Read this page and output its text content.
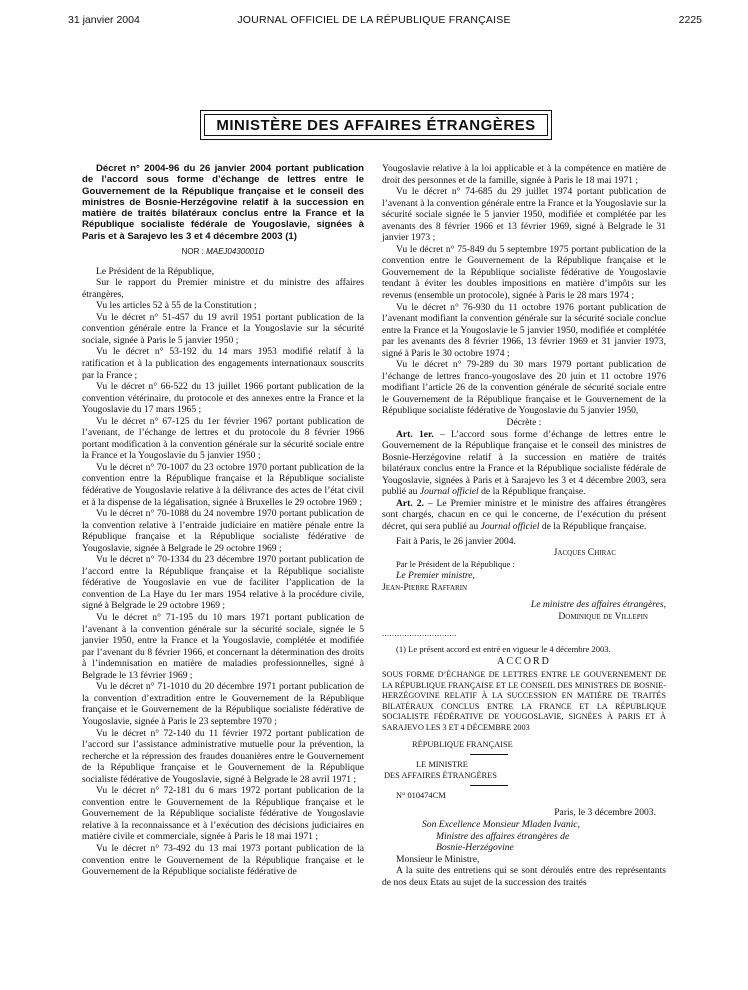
31 janvier 2004	JOURNAL OFFICIEL DE LA RÉPUBLIQUE FRANÇAISE	2225
MINISTÈRE DES AFFAIRES ÉTRANGÈRES

Décret n° 2004-96 du 26 janvier 2004 portant publication de l’accord sous forme d’échange de lettres entre le Gouvernement de la République française et le conseil des ministres de Bosnie-Herzégovine relatif à la succession en matière de traités bilatéraux conclus entre la France et la République socialiste fédérale de Yougoslavie, signées à Paris et à Sarajevo les 3 et 4 décembre 2003 (1)

NOR : MAEJ0430001D

Le Président de la République,

Sur le rapport du Premier ministre et du ministre des affaires étrangères,

Vu les articles 52 à 55 de la Constitution ;

Vu le décret n° 51-457 du 19 avril 1951 portant publication de la convention générale entre la France et la Yougoslavie sur la sécurité sociale, signée à Paris le 5 janvier 1950 ;

Vu le décret n° 53-192 du 14 mars 1953 modifié relatif à la ratification et à la publication des engagements internationaux souscrits par la France ;

Vu le décret n° 66-522 du 13 juillet 1966 portant publication de la convention vétérinaire, du protocole et des annexes entre la France et la Yougoslavie du 17 mars 1965 ;

Vu le décret n° 67-125 du 1er février 1967 portant publication de l’avenant, de l’échange de lettres et du protocole du 8 février 1966 portant modification à la convention générale sur la sécurité sociale entre la France et la Yougoslavie du 5 janvier 1950 ;

Vu le décret n° 70-1007 du 23 octobre 1970 portant publication de la convention entre la République française et la République socialiste fédérative de Yougoslavie relative à la délivrance des actes de l’état civil et à la dispense de la légalisation, signée à Bruxelles le 29 octobre 1969 ;

Vu le décret n° 70-1088 du 24 novembre 1970 portant publication de la convention relative à l’entraide judiciaire en matière pénale entre la République française et la République socialiste fédérative de Yougoslavie, signée à Belgrade le 29 octobre 1969 ;

Vu le décret n° 70-1334 du 23 décembre 1970 portant publication de l’accord entre la République française et la République socialiste fédérative de Yougoslavie en vue de faciliter l’application de la convention de La Haye du 1er mars 1954 relative à la procédure civile, signé à Belgrade le 29 octobre 1969 ;

Vu le décret n° 71-195 du 10 mars 1971 portant publication de l’avenant à la convention générale sur la sécurité sociale, signée le 5 janvier 1950, entre la France et la Yougoslavie, complétée et modifiée par l’avenant du 8 février 1966, et concernant la détermination des droits à l’indemnisation en matière de maladies professionnelles, signé à Belgrade le 13 février 1969 ;

Vu le décret n° 71-1010 du 20 décembre 1971 portant publication de la convention d’extradition entre le Gouvernement de la République française et le Gouvernement de la République socialiste fédérative de Yougoslavie, signée à Paris le 23 septembre 1970 ;

Vu le décret n° 72-140 du 11 février 1972 portant publication de l’accord sur l’assistance administrative mutuelle pour la prévention, la recherche et la répression des fraudes douanières entre le Gouvernement de la République française et le Gouvernement de la République socialiste fédérative de Yougoslavie, signé à Belgrade le 28 avril 1971 ;

Vu le décret n° 72-181 du 6 mars 1972 portant publication de la convention entre le Gouvernement de la République française et le Gouvernement de la République socialiste fédérative de Yougoslavie relative à la reconnaissance et à l’exécution des décisions judiciaires en matière civile et commerciale, signée à Paris le 18 mai 1971 ;

Vu le décret n° 73-492 du 13 mai 1973 portant publication de la convention entre le Gouvernement de la République française et le Gouvernement de la République socialiste fédérative de

Yougoslavie relative à la loi applicable et à la compétence en matière de droit des personnes et de la famille, signée à Paris le 18 mai 1971 ;

Vu le décret n° 74-685 du 29 juillet 1974 portant publication de l’avenant à la convention générale entre la France et la Yougoslavie sur la sécurité sociale signée le 5 janvier 1950, modifiée et complétée par les avenants des 8 février 1966 et 13 février 1969, signé à Belgrade le 31 janvier 1973 ;

Vu le décret n° 75-849 du 5 septembre 1975 portant publication de la convention entre le Gouvernement de la République française et le Gouvernement de la République socialiste fédérative de Yougoslavie tendant à éviter les doubles impositions en matière d’impôts sur les revenus (ensemble un protocole), signée à Paris le 28 mars 1974 ;

Vu le décret n° 76-930 du 11 octobre 1976 portant publication de l’avenant modifiant la convention générale sur la sécurité sociale conclue entre la France et la Yougoslavie le 5 janvier 1950, modifiée et complétée par les avenants des 8 février 1966, 13 février 1969 et 31 janvier 1973, signé à Paris le 30 octobre 1974 ;

Vu le décret n° 79-289 du 30 mars 1979 portant publication de l’échange de lettres franco-yougoslave des 20 juin et 11 octobre 1976 modifiant l’article 26 de la convention générale de sécurité sociale entre le Gouvernement de la République française et le Gouvernement de la République socialiste fédérative de Yougoslavie du 5 janvier 1950,

Décrète :

Art. 1er. – L’accord sous forme d’échange de lettres entre le Gouvernement de la République française et le conseil des ministres de Bosnie-Herzégovine relatif à la succession en matière de traités bilatéraux conclus entre la France et la République socialiste fédérale de Yougoslavie, signées à Paris et à Sarajevo les 3 et 4 décembre 2003, sera publié au Journal officiel de la République française.

Art. 2. – Le Premier ministre et le ministre des affaires étrangères sont chargés, chacun en ce qui le concerne, de l’exécution du présent décret, qui sera publié au Journal officiel de la République française.

Fait à Paris, le 26 janvier 2004.

Jacques Chirac

Par le Président de la République :

Le Premier ministre,

Jean-Pierre Raffarin

Le ministre des affaires étrangères,

Dominique de Villepin

..............................

(1) Le présent accord est entré en vigueur le 4 décembre 2003.

ACCORD

SOUS FORME D’ÉCHANGE DE LETTRES ENTRE LE GOUVERNEMENT DE LA RÉPUBLIQUE FRANÇAISE ET LE CONSEIL DES MINISTRES DE BOSNIE-HERZÉGOVINE RELATIF À LA SUCCESSION EN MATIÈRE DE TRAITÉS BILATÉRAUX CONCLUS ENTRE LA FRANCE ET LA RÉPUBLIQUE SOCIALISTE FÉDÉRATIVE DE YOUGOSLAVIE, SIGNÉES À PARIS ET À SARAJEVO LES 3 ET 4 DÉCEMBRE 2003

RÉPUBLIQUE FRANÇAISE
LE MINISTRE
DES AFFAIRES ÉTRANGÈRES
N° 010474CM

Paris, le 3 décembre 2003.

Son Excellence Monsieur Mladen Ivanic,

Ministre des affaires étrangères de

Bosnie-Herzégovine

Monsieur le Ministre,

A la suite des entretiens qui se sont déroulés entre des représentants de nos deux Etats au sujet de la succession des traités
